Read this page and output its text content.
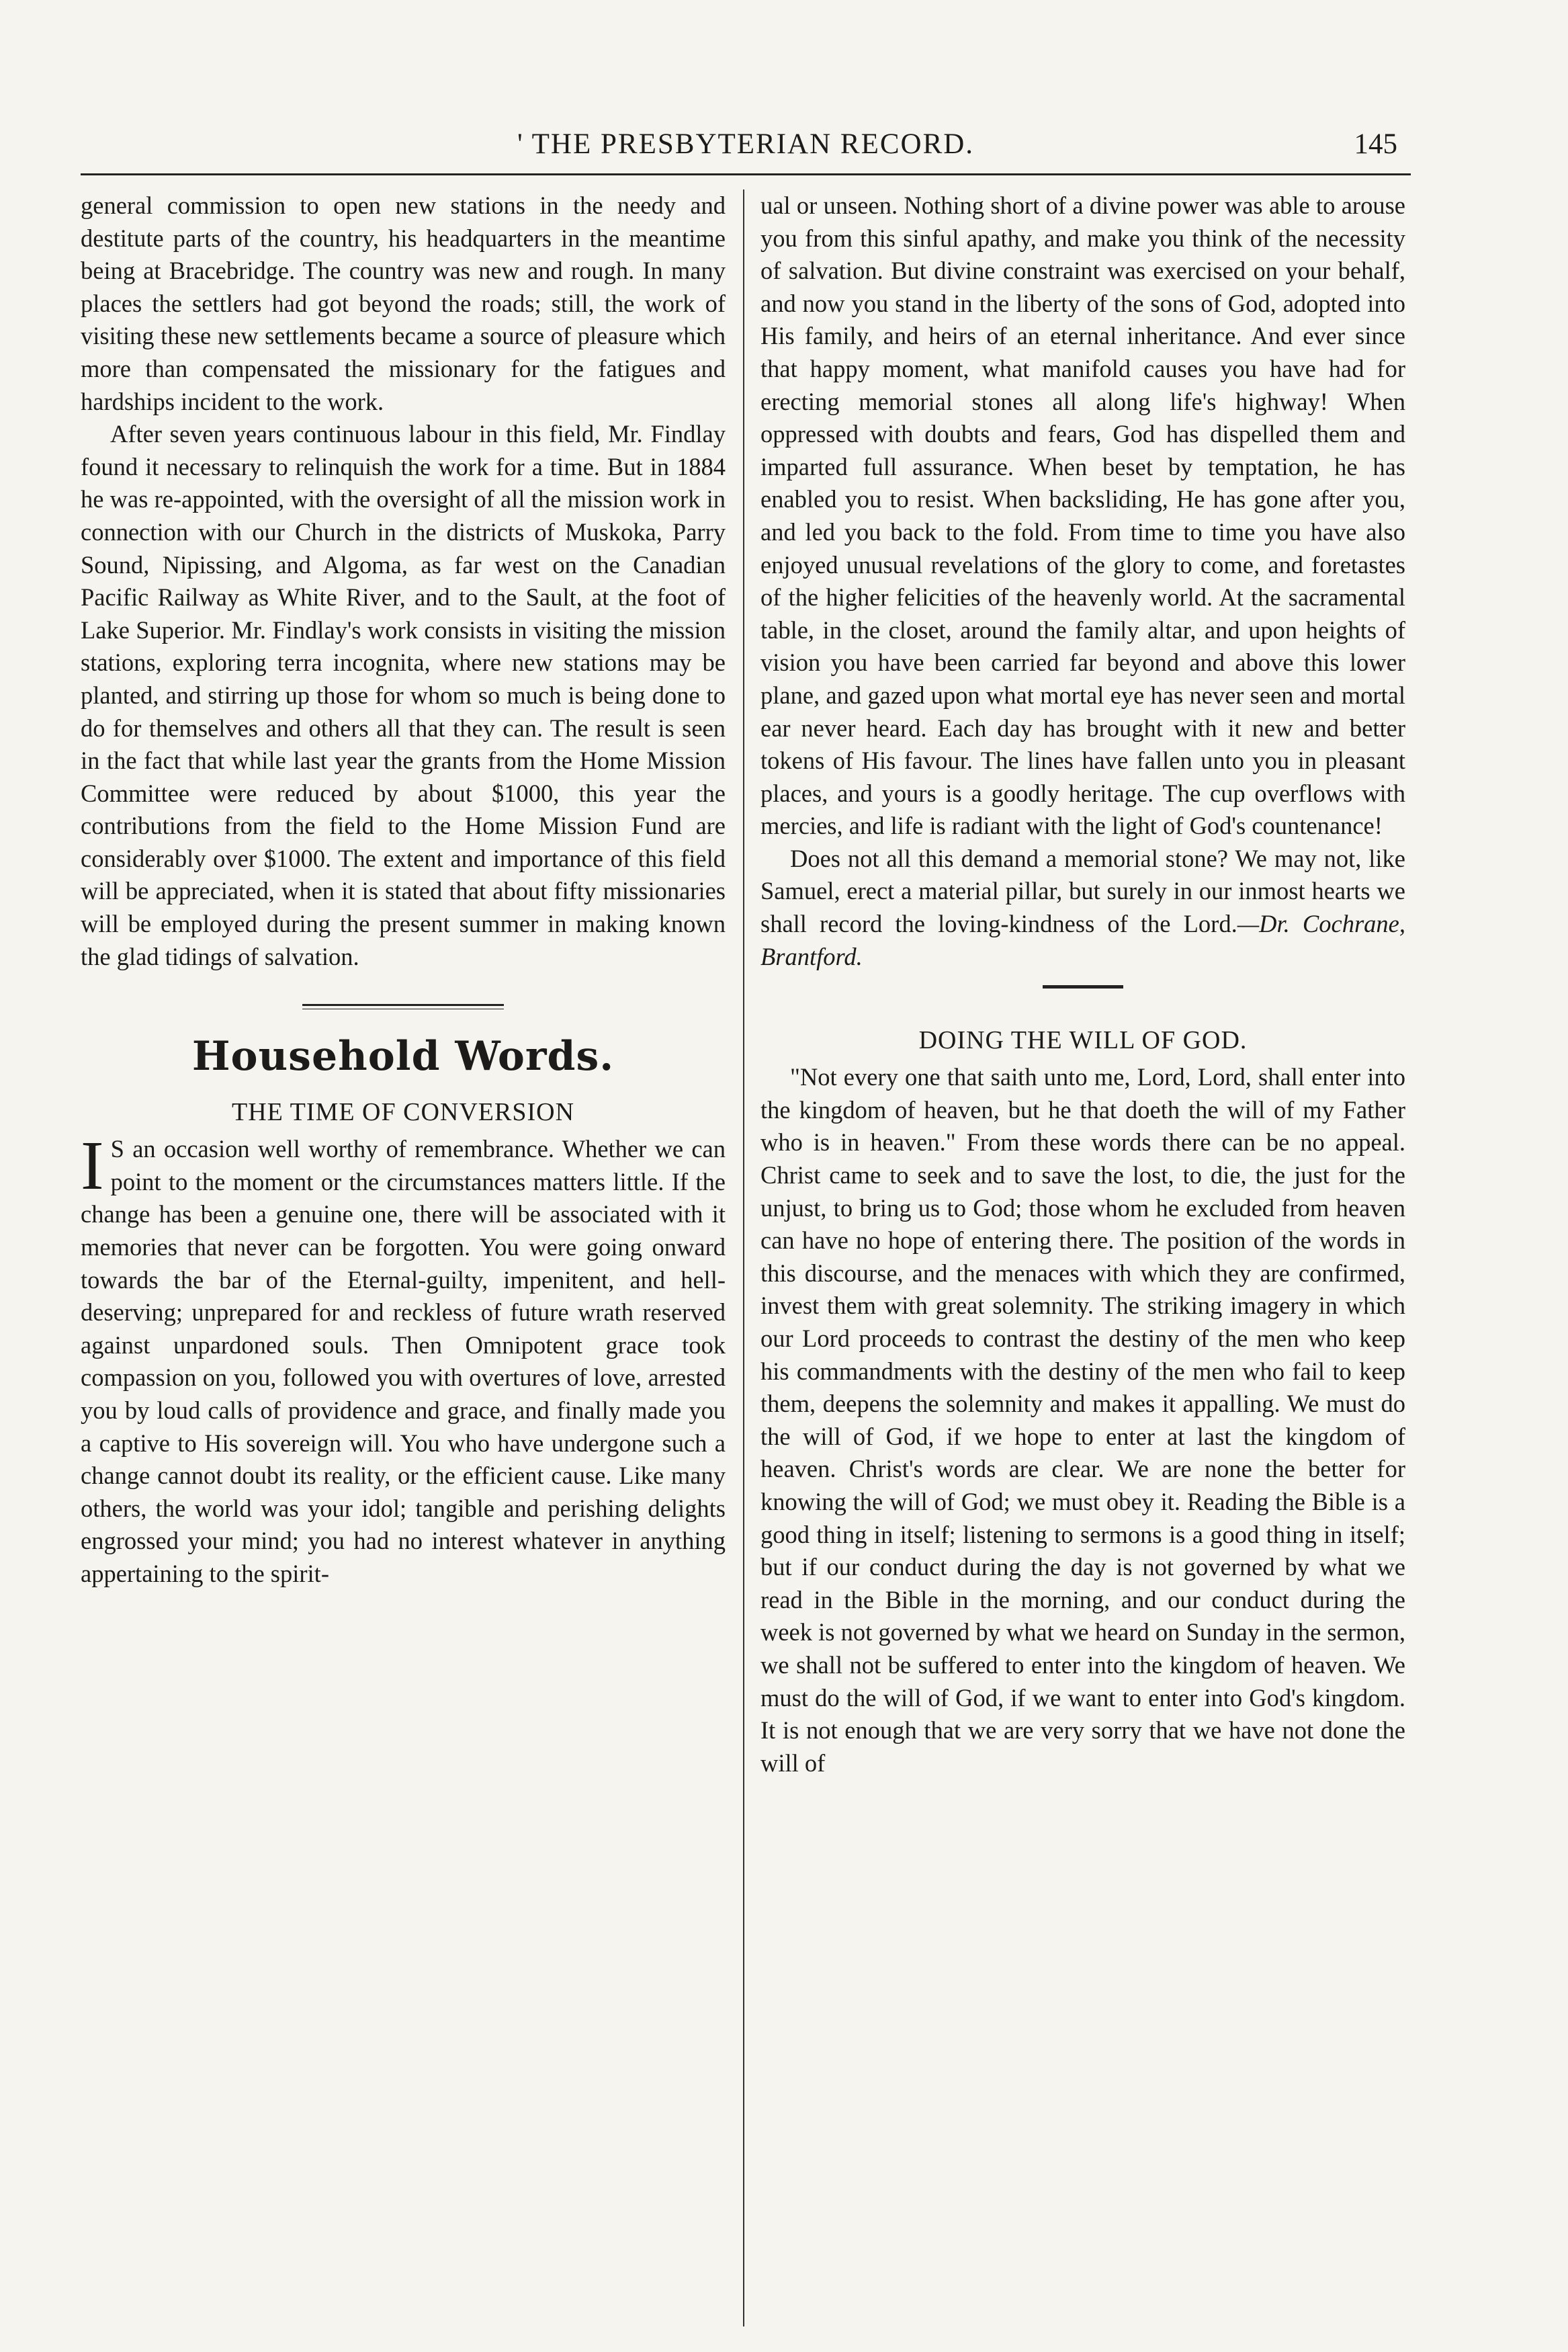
' THE PRESBYTERIAN RECORD.	145

general commission to open new stations in the needy and destitute parts of the country, his headquarters in the meantime being at Bracebridge. The country was new and rough. In many places the settlers had got beyond the roads; still, the work of visiting these new settlements became a source of pleasure which more than compensated the missionary for the fatigues and hardships incident to the work.

After seven years continuous labour in this field, Mr. Findlay found it necessary to relinquish the work for a time. But in 1884 he was re-appointed, with the oversight of all the mission work in connection with our Church in the districts of Muskoka, Parry Sound, Nipissing, and Algoma, as far west on the Canadian Pacific Railway as White River, and to the Sault, at the foot of Lake Superior. Mr. Findlay's work consists in visiting the mission stations, exploring terra incognita, where new stations may be planted, and stirring up those for whom so much is being done to do for themselves and others all that they can. The result is seen in the fact that while last year the grants from the Home Mission Committee were reduced by about $1000, this year the contributions from the field to the Home Mission Fund are considerably over $1000. The extent and importance of this field will be appreciated, when it is stated that about fifty missionaries will be employed during the present summer in making known the glad tidings of salvation.

Household Words.
THE TIME OF CONVERSION

IS an occasion well worthy of remembrance. Whether we can point to the moment or the circumstances matters little. If the change has been a genuine one, there will be associated with it memories that never can be forgotten. You were going onward towards the bar of the Eternal-guilty, impenitent, and hell-deserving; unprepared for and reckless of future wrath reserved against unpardoned souls. Then Omnipotent grace took compassion on you, followed you with overtures of love, arrested you by loud calls of providence and grace, and finally made you a captive to His sovereign will. You who have undergone such a change cannot doubt its reality, or the efficient cause. Like many others, the world was your idol; tangible and perishing delights engrossed your mind; you had no interest whatever in anything appertaining to the spirit-

ual or unseen. Nothing short of a divine power was able to arouse you from this sinful apathy, and make you think of the necessity of salvation. But divine constraint was exercised on your behalf, and now you stand in the liberty of the sons of God, adopted into His family, and heirs of an eternal inheritance. And ever since that happy moment, what manifold causes you have had for erecting memorial stones all along life's highway! When oppressed with doubts and fears, God has dispelled them and imparted full assurance. When beset by temptation, he has enabled you to resist. When backsliding, He has gone after you, and led you back to the fold. From time to time you have also enjoyed unusual revelations of the glory to come, and foretastes of the higher felicities of the heavenly world. At the sacramental table, in the closet, around the family altar, and upon heights of vision you have been carried far beyond and above this lower plane, and gazed upon what mortal eye has never seen and mortal ear never heard. Each day has brought with it new and better tokens of His favour. The lines have fallen unto you in pleasant places, and yours is a goodly heritage. The cup overflows with mercies, and life is radiant with the light of God's countenance!

Does not all this demand a memorial stone? We may not, like Samuel, erect a material pillar, but surely in our inmost hearts we shall record the loving-kindness of the Lord.—Dr. Cochrane, Brantford.

DOING THE WILL OF GOD.

"Not every one that saith unto me, Lord, Lord, shall enter into the kingdom of heaven, but he that doeth the will of my Father who is in heaven." From these words there can be no appeal. Christ came to seek and to save the lost, to die, the just for the unjust, to bring us to God; those whom he excluded from heaven can have no hope of entering there. The position of the words in this discourse, and the menaces with which they are confirmed, invest them with great solemnity. The striking imagery in which our Lord proceeds to contrast the destiny of the men who keep his commandments with the destiny of the men who fail to keep them, deepens the solemnity and makes it appalling. We must do the will of God, if we hope to enter at last the kingdom of heaven. Christ's words are clear. We are none the better for knowing the will of God; we must obey it. Reading the Bible is a good thing in itself; listening to sermons is a good thing in itself; but if our conduct during the day is not governed by what we read in the Bible in the morning, and our conduct during the week is not governed by what we heard on Sunday in the sermon, we shall not be suffered to enter into the kingdom of heaven. We must do the will of God, if we want to enter into God's kingdom. It is not enough that we are very sorry that we have not done the will of
